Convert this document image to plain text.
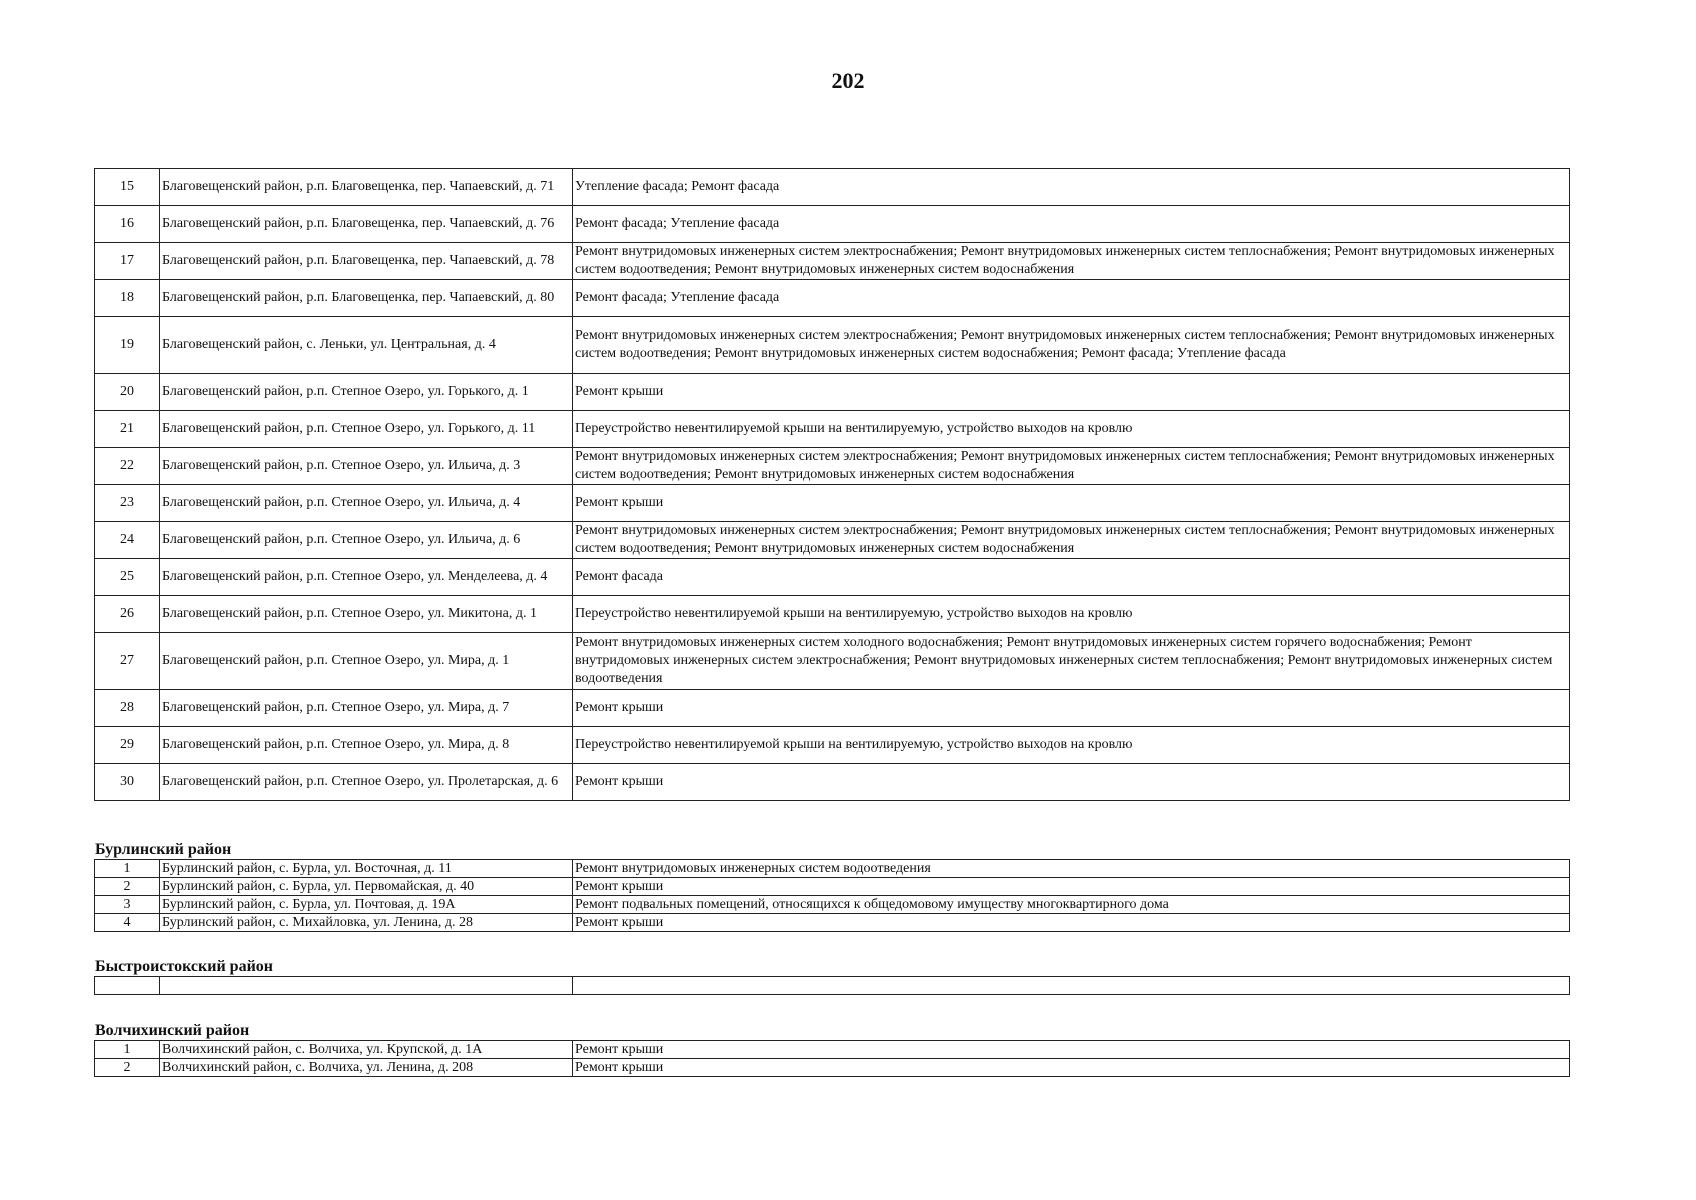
202
15	Благовещенский район, р.п. Благовещенка, пер. Чапаевский, д. 71	Утепление фасада; Ремонт фасада
16	Благовещенский район, р.п. Благовещенка, пер. Чапаевский, д. 76	Ремонт фасада; Утепление фасада
17	Благовещенский район, р.п. Благовещенка, пер. Чапаевский, д. 78	Ремонт внутридомовых инженерных систем электроснабжения; Ремонт внутридомовых инженерных систем теплоснабжения; Ремонт внутридомовых инженерных систем водоотведения; Ремонт внутридомовых инженерных систем водоснабжения
18	Благовещенский район, р.п. Благовещенка, пер. Чапаевский, д. 80	Ремонт фасада; Утепление фасада
19	Благовещенский район, с. Леньки, ул. Центральная, д. 4	Ремонт внутридомовых инженерных систем электроснабжения; Ремонт внутридомовых инженерных систем теплоснабжения; Ремонт внутридомовых инженерных систем водоотведения; Ремонт внутридомовых инженерных систем водоснабжения; Ремонт фасада; Утепление фасада
20	Благовещенский район, р.п. Степное Озеро, ул. Горького, д. 1	Ремонт крыши
21	Благовещенский район, р.п. Степное Озеро, ул. Горького, д. 11	Переустройство невентилируемой крыши на вентилируемую, устройство выходов на кровлю
22	Благовещенский район, р.п. Степное Озеро, ул. Ильича, д. 3	Ремонт внутридомовых инженерных систем электроснабжения; Ремонт внутридомовых инженерных систем теплоснабжения; Ремонт внутридомовых инженерных систем водоотведения; Ремонт внутридомовых инженерных систем водоснабжения
23	Благовещенский район, р.п. Степное Озеро, ул. Ильича, д. 4	Ремонт крыши
24	Благовещенский район, р.п. Степное Озеро, ул. Ильича, д. 6	Ремонт внутридомовых инженерных систем электроснабжения; Ремонт внутридомовых инженерных систем теплоснабжения; Ремонт внутридомовых инженерных систем водоотведения; Ремонт внутридомовых инженерных систем водоснабжения
25	Благовещенский район, р.п. Степное Озеро, ул. Менделеева, д. 4	Ремонт фасада
26	Благовещенский район, р.п. Степное Озеро, ул. Микитона, д. 1	Переустройство невентилируемой крыши на вентилируемую, устройство выходов на кровлю
27	Благовещенский район, р.п. Степное Озеро, ул. Мира, д. 1	Ремонт внутридомовых инженерных систем холодного водоснабжения; Ремонт внутридомовых инженерных систем горячего водоснабжения; Ремонт внутридомовых инженерных систем электроснабжения; Ремонт внутридомовых инженерных систем теплоснабжения; Ремонт внутридомовых инженерных систем водоотведения
28	Благовещенский район, р.п. Степное Озеро, ул. Мира, д. 7	Ремонт крыши
29	Благовещенский район, р.п. Степное Озеро, ул. Мира, д. 8	Переустройство невентилируемой крыши на вентилируемую, устройство выходов на кровлю
30	Благовещенский район, р.п. Степное Озеро, ул. Пролетарская, д. 6	Ремонт крыши
Бурлинский район
1	Бурлинский район, с. Бурла, ул. Восточная, д. 11	Ремонт внутридомовых инженерных систем водоотведения
2	Бурлинский район, с. Бурла, ул. Первомайская, д. 40	Ремонт крыши
3	Бурлинский район, с. Бурла, ул. Почтовая, д. 19А	Ремонт подвальных помещений, относящихся к общедомовому имуществу многоквартирного дома
4	Бурлинский район, с. Михайловка, ул. Ленина, д. 28	Ремонт крыши
Быстроистокский район

Волчихинский район
1	Волчихинский район, с. Волчиха, ул. Крупской, д. 1А	Ремонт крыши
2	Волчихинский район, с. Волчиха, ул. Ленина, д. 208	Ремонт крыши
